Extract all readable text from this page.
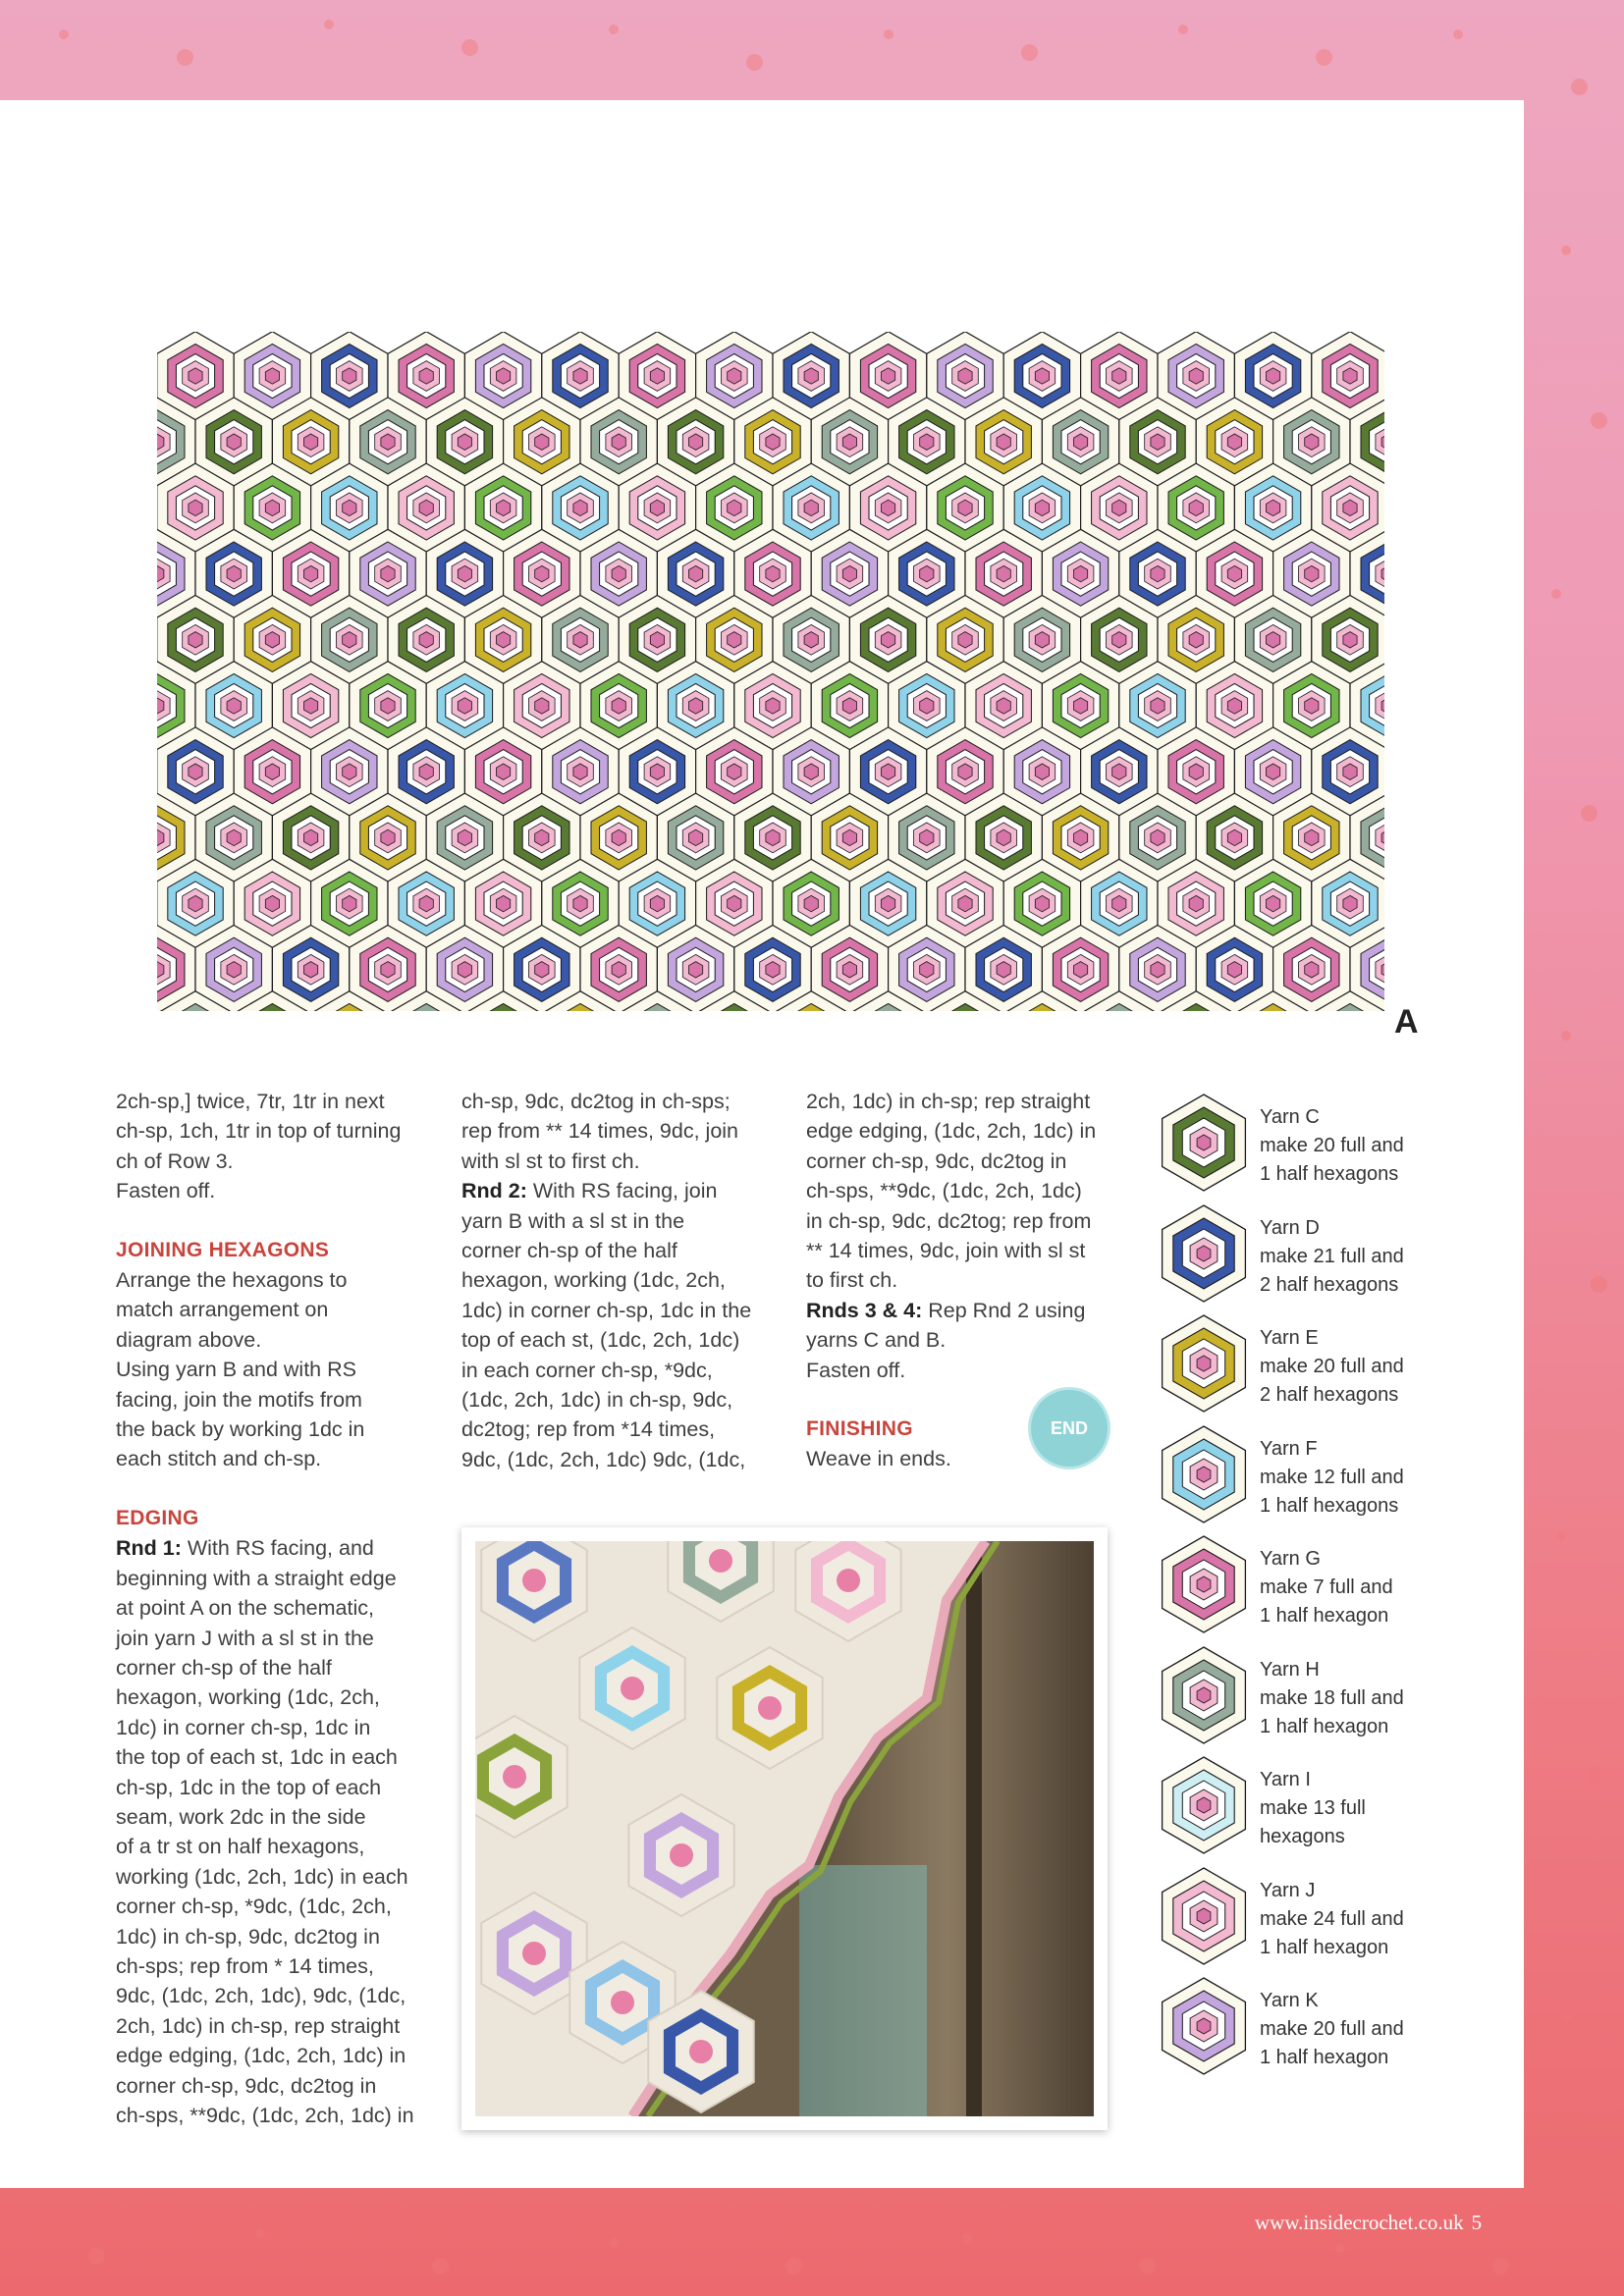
A

2ch-sp,] twice, 7tr, 1tr in next
ch-sp, 1ch, 1tr in top of turning
ch of Row 3.
Fasten off.

JOINING HEXAGONS

Arrange the hexagons to
match arrangement on
diagram above.
Using yarn B and with RS
facing, join the motifs from
the back by working 1dc in
each stitch and ch-sp.

EDGING

Rnd 1: With RS facing, and
beginning with a straight edge
at point A on the schematic,
join yarn J with a sl st in the
corner ch-sp of the half
hexagon, working (1dc, 2ch,
1dc) in corner ch-sp, 1dc in
the top of each st, 1dc in each
ch-sp, 1dc in the top of each
seam, work 2dc in the side
of a tr st on half hexagons,
working (1dc, 2ch, 1dc) in each
corner ch-sp, *9dc, (1dc, 2ch,
1dc) in ch-sp, 9dc, dc2tog in
ch-sps; rep from * 14 times,
9dc, (1dc, 2ch, 1dc), 9dc, (1dc,
2ch, 1dc) in ch-sp, rep straight
edge edging, (1dc, 2ch, 1dc) in
corner ch-sp, 9dc, dc2tog in
ch-sps, **9dc, (1dc, 2ch, 1dc) in

ch-sp, 9dc, dc2tog in ch-sps;
rep from ** 14 times, 9dc, join
with sl st to first ch.

Rnd 2: With RS facing, join
yarn B with a sl st in the
corner ch-sp of the half
hexagon, working (1dc, 2ch,
1dc) in corner ch-sp, 1dc in the
top of each st, (1dc, 2ch, 1dc)
in each corner ch-sp, *9dc,
(1dc, 2ch, 1dc) in ch-sp, 9dc,
dc2tog; rep from *14 times,
9dc, (1dc, 2ch, 1dc) 9dc, (1dc,

2ch, 1dc) in ch-sp; rep straight
edge edging, (1dc, 2ch, 1dc) in
corner ch-sp, 9dc, dc2tog in
ch-sps, **9dc, (1dc, 2ch, 1dc)
in ch-sp, 9dc, dc2tog; rep from
** 14 times, 9dc, join with sl st
to first ch.

Rnds 3 & 4: Rep Rnd 2 using
yarns C and B.
Fasten off.

FINISHING

Weave in ends.

END
Yarn C
make 20 full and
1 half hexagons
Yarn D
make 21 full and
2 half hexagons
Yarn E
make 20 full and
2 half hexagons
Yarn F
make 12 full and
1 half hexagons
Yarn G
make 7 full and
1 half hexagon
Yarn H
make 18 full and
1 half hexagon
Yarn I
make 13 full hexagons
Yarn J
make 24 full and
1 half hexagon
Yarn K
make 20 full and
1 half hexagon
www.insidecrochet.co.uk 5
